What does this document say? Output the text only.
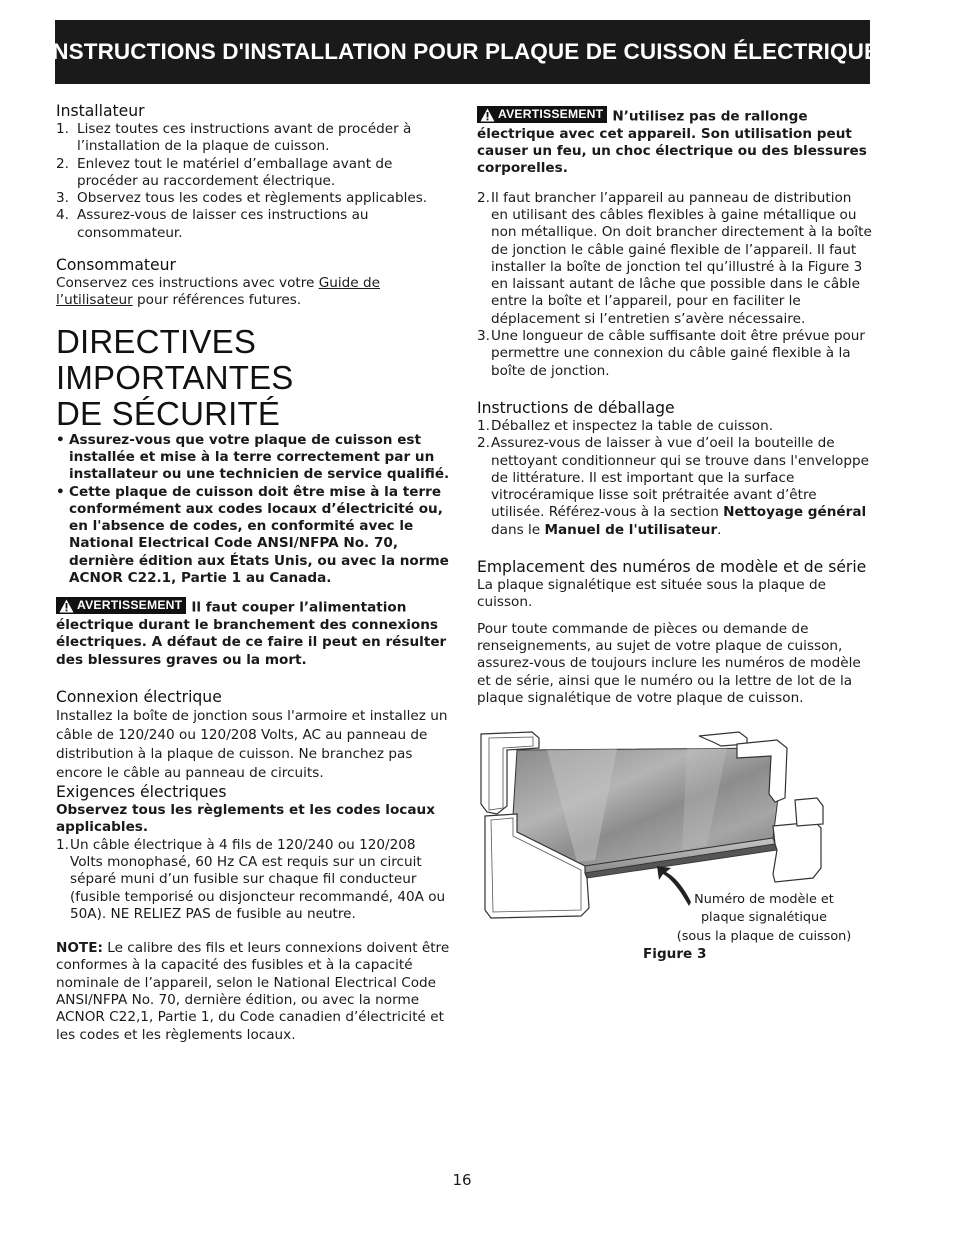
INSTRUCTIONS D'INSTALLATION POUR PLAQUE DE CUISSON ÉLECTRIQUE
Installateur
1. Lisez toutes ces instructions avant de procéder à l’installation de la plaque de cuisson.
2. Enlevez tout le matériel d’emballage avant de procéder au raccordement électrique.
3. Observez tous les codes et règlements applicables.
4. Assurez-vous de laisser ces instructions au consommateur.
Consommateur

Conservez ces instructions avec votre Guide de l’utilisateur pour références futures.

DIRECTIVES IMPORTANTES
DE SÉCURITÉ
• Assurez-vous que votre plaque de cuisson est installée et mise à la terre correctement par un installateur ou une technicien de service qualifié.
• Cette plaque de cuisson doit être mise à la terre conformément aux codes locaux d’électricité ou, en l'absence de codes, en conformité avec le National Electrical Code ANSI/NFPA No. 70, dernière édition aux États Unis, ou avec la norme ACNOR C22.1, Partie 1 au Canada.

AVERTISSEMENT Il faut couper l’alimentation électrique durant le branchement des connexions électriques. A défaut de ce faire il peut en résulter des blessures graves ou la mort.

Connexion électrique

Installez la boîte de jonction sous l'armoire et installez un câble de 120/240 ou 120/208 Volts, AC au panneau de distribution à la plaque de cuisson. Ne branchez pas encore le câble au panneau de circuits.

Exigences électriques

Observez tous les règlements et les codes locaux applicables.

1. Un câble électrique à 4 fils de 120/240 ou 120/208 Volts monophasé, 60 Hz CA est requis sur un circuit séparé muni d’un fusible sur chaque fil conducteur (fusible temporisé ou disjoncteur recommandé, 40A ou 50A). NE RELIEZ PAS de fusible au neutre.

NOTE: Le calibre des fils et leurs connexions doivent être conformes à la capacité des fusibles et à la capacité nominale de l’appareil, selon le National Electrical Code ANSI/NFPA No. 70, dernière édition, ou avec la norme ACNOR C22,1, Partie 1, du Code canadien d’électricité et les codes et les règlements locaux.

AVERTISSEMENT N’utilisez pas de rallonge électrique avec cet appareil. Son utilisation peut causer un feu, un choc électrique ou des blessures corporelles.

2. Il faut brancher l’appareil au panneau de distribution en utilisant des câbles flexibles à gaine métallique ou non métallique. On doit brancher directement à la boîte de jonction le câble gainé flexible de l’appareil. Il faut installer la boîte de jonction tel qu’illustré à la Figure 3 en laissant autant de lâche que possible dans le câble entre la boîte et l’appareil, pour en faciliter le déplacement si l’entretien s’avère nécessaire.
3. Une longueur de câble suffisante doit être prévue pour permettre une connexion du câble gainé flexible à la boîte de jonction.
Instructions de déballage
1. Déballez et inspectez la table de cuisson.
2. Assurez-vous de laisser à vue d’oeil la bouteille de nettoyant conditionneur qui se trouve dans l'enveloppe de littérature. Il est important que la surface vitrocéramique lisse soit prétraitée avant d’être utilisée. Référez-vous à la section Nettoyage général dans le Manuel de l'utilisateur.
Emplacement des numéros de modèle et de série

La plaque signalétique est située sous la plaque de cuisson.

Pour toute commande de pièces ou demande de renseignements, au sujet de votre plaque de cuisson, assurez-vous de toujours inclure les numéros de modèle et de série, ainsi que le numéro ou la lettre de lot de la plaque signalétique de votre plaque de cuisson.

Numéro de modèle et
plaque signalétique
(sous la plaque de cuisson)
Figure 3
16
